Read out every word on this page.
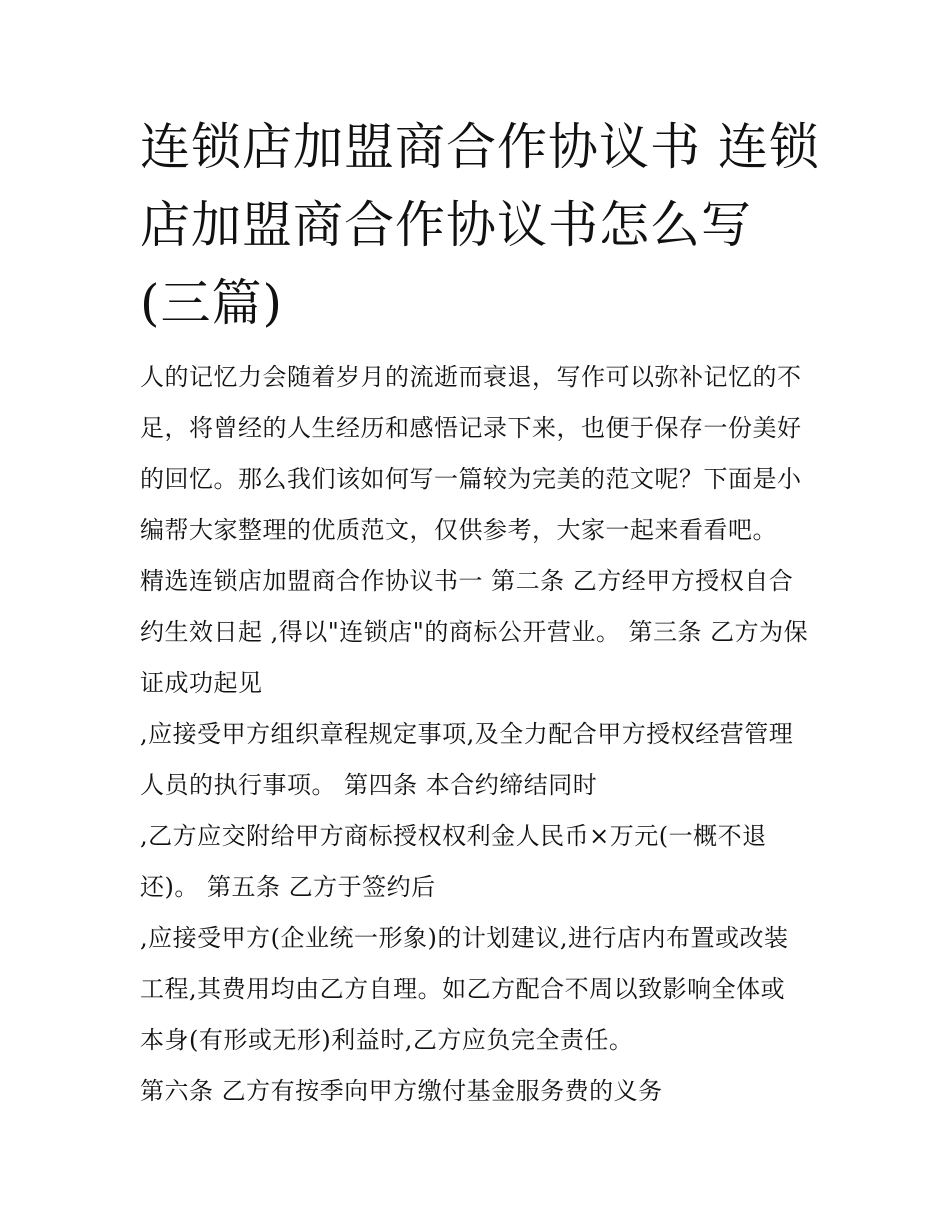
连锁店加盟商合作协议书 连锁店加盟商合作协议书怎么写(三篇)
人的记忆力会随着岁月的流逝而衰退，写作可以弥补记忆的不
足，将曾经的人生经历和感悟记录下来，也便于保存一份美好
的回忆。那么我们该如何写一篇较为完美的范文呢？下面是小
编帮大家整理的优质范文，仅供参考，大家一起来看看吧。
精选连锁店加盟商合作协议书一 第二条 乙方经甲方授权自合
约生效日起 ,得以"连锁店"的商标公开营业。 第三条 乙方为保
证成功起见
,应接受甲方组织章程规定事项,及全力配合甲方授权经营管理
人员的执行事项。 第四条 本合约缔结同时
,乙方应交附给甲方商标授权权利金人民币×万元(一概不退
还)。 第五条 乙方于签约后
,应接受甲方(企业统一形象)的计划建议,进行店内布置或改装
工程,其费用均由乙方自理。如乙方配合不周以致影响全体或
本身(有形或无形)利益时,乙方应负完全责任。
第六条 乙方有按季向甲方缴付基金服务费的义务
